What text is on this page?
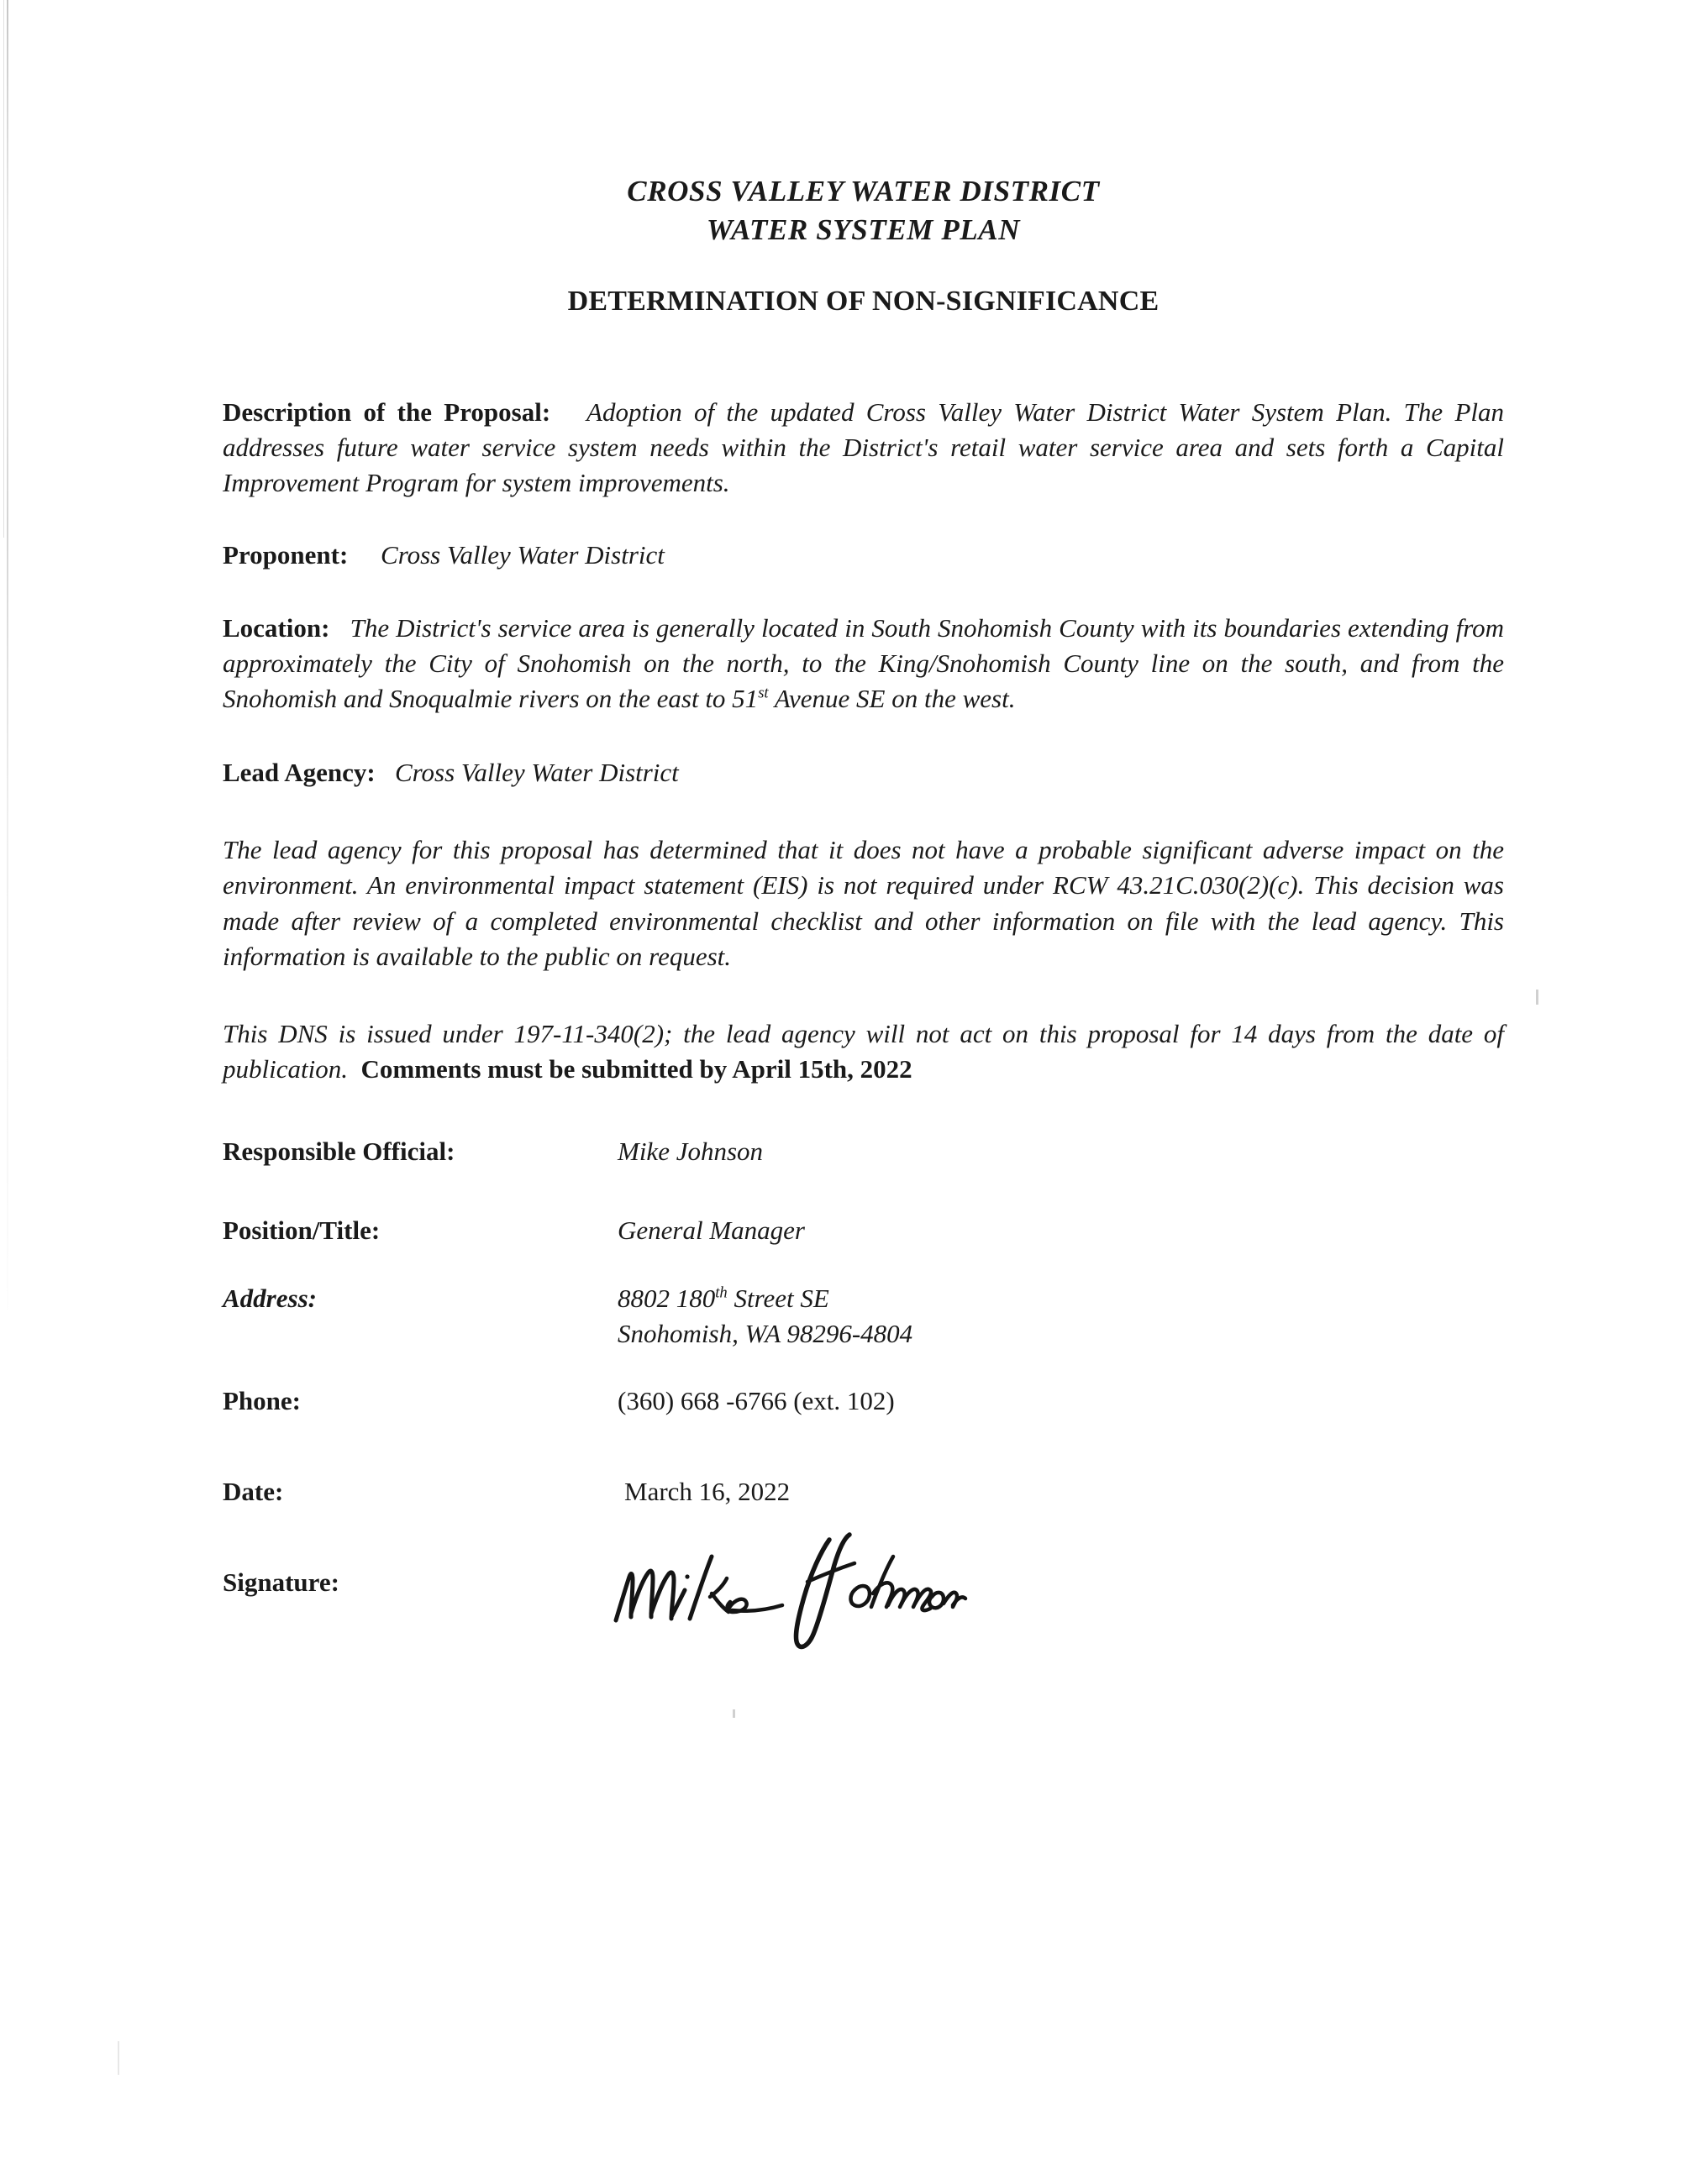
CROSS VALLEY WATER DISTRICT
WATER SYSTEM PLAN
DETERMINATION OF NON-SIGNIFICANCE
Description of the Proposal: Adoption of the updated Cross Valley Water District Water System Plan. The Plan addresses future water service system needs within the District's retail water service area and sets forth a Capital Improvement Program for system improvements.
Proponent: Cross Valley Water District
Location: The District's service area is generally located in South Snohomish County with its boundaries extending from approximately the City of Snohomish on the north, to the King/Snohomish County line on the south, and from the Snohomish and Snoqualmie rivers on the east to 51st Avenue SE on the west.
Lead Agency: Cross Valley Water District
The lead agency for this proposal has determined that it does not have a probable significant adverse impact on the environment. An environmental impact statement (EIS) is not required under RCW 43.21C.030(2)(c). This decision was made after review of a completed environmental checklist and other information on file with the lead agency. This information is available to the public on request.
This DNS is issued under 197-11-340(2); the lead agency will not act on this proposal for 14 days from the date of publication. Comments must be submitted by April 15th, 2022
Responsible Official:	Mike Johnson
Position/Title:	General Manager
Address:	8802 180th Street SE
Snohomish, WA 98296-4804
Phone:	(360) 668 -6766 (ext. 102)
Date:	March 16, 2022
Signature:
